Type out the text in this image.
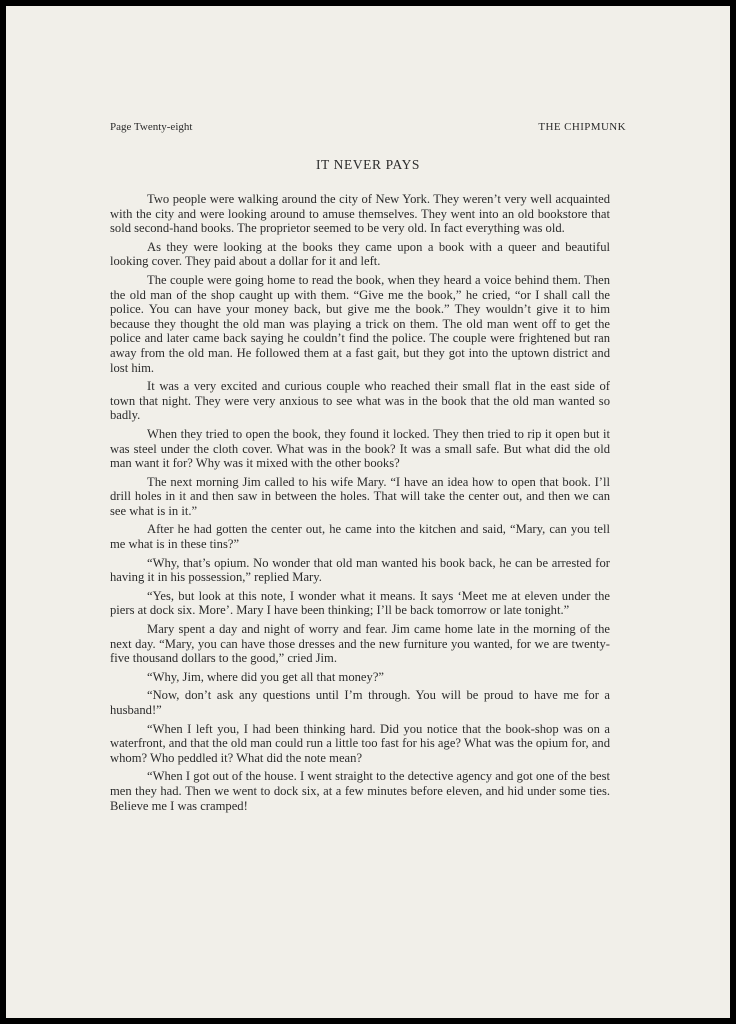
Page Twenty-eight	THE CHIPMUNK
IT NEVER PAYS

Two people were walking around the city of New York. They weren’t very well acquainted with the city and were looking around to amuse themselves. They went into an old bookstore that sold second-hand books. The proprietor seemed to be very old. In fact everything was old.

As they were looking at the books they came upon a book with a queer and beautiful looking cover. They paid about a dollar for it and left.

The couple were going home to read the book, when they heard a voice behind them. Then the old man of the shop caught up with them. “Give me the book,” he cried, “or I shall call the police. You can have your money back, but give me the book.” They wouldn’t give it to him because they thought the old man was playing a trick on them. The old man went off to get the police and later came back saying he couldn’t find the police. The couple were frightened but ran away from the old man. He followed them at a fast gait, but they got into the uptown district and lost him.

It was a very excited and curious couple who reached their small flat in the east side of town that night. They were very anxious to see what was in the book that the old man wanted so badly.

When they tried to open the book, they found it locked. They then tried to rip it open but it was steel under the cloth cover. What was in the book? It was a small safe. But what did the old man want it for? Why was it mixed with the other books?

The next morning Jim called to his wife Mary. “I have an idea how to open that book. I’ll drill holes in it and then saw in between the holes. That will take the center out, and then we can see what is in it.”

After he had gotten the center out, he came into the kitchen and said, “Mary, can you tell me what is in these tins?”

“Why, that’s opium. No wonder that old man wanted his book back, he can be arrested for having it in his possession,” replied Mary.

“Yes, but look at this note, I wonder what it means. It says ‘Meet me at eleven under the piers at dock six. More’. Mary I have been thinking; I’ll be back tomorrow or late tonight.”

Mary spent a day and night of worry and fear. Jim came home late in the morning of the next day. “Mary, you can have those dresses and the new furniture you wanted, for we are twenty-five thousand dollars to the good,” cried Jim.

“Why, Jim, where did you get all that money?”

“Now, don’t ask any questions until I’m through. You will be proud to have me for a husband!”

“When I left you, I had been thinking hard. Did you notice that the book-shop was on a waterfront, and that the old man could run a little too fast for his age? What was the opium for, and whom? Who peddled it? What did the note mean?

“When I got out of the house. I went straight to the detective agency and got one of the best men they had. Then we went to dock six, at a few minutes before eleven, and hid under some ties. Believe me I was cramped!
